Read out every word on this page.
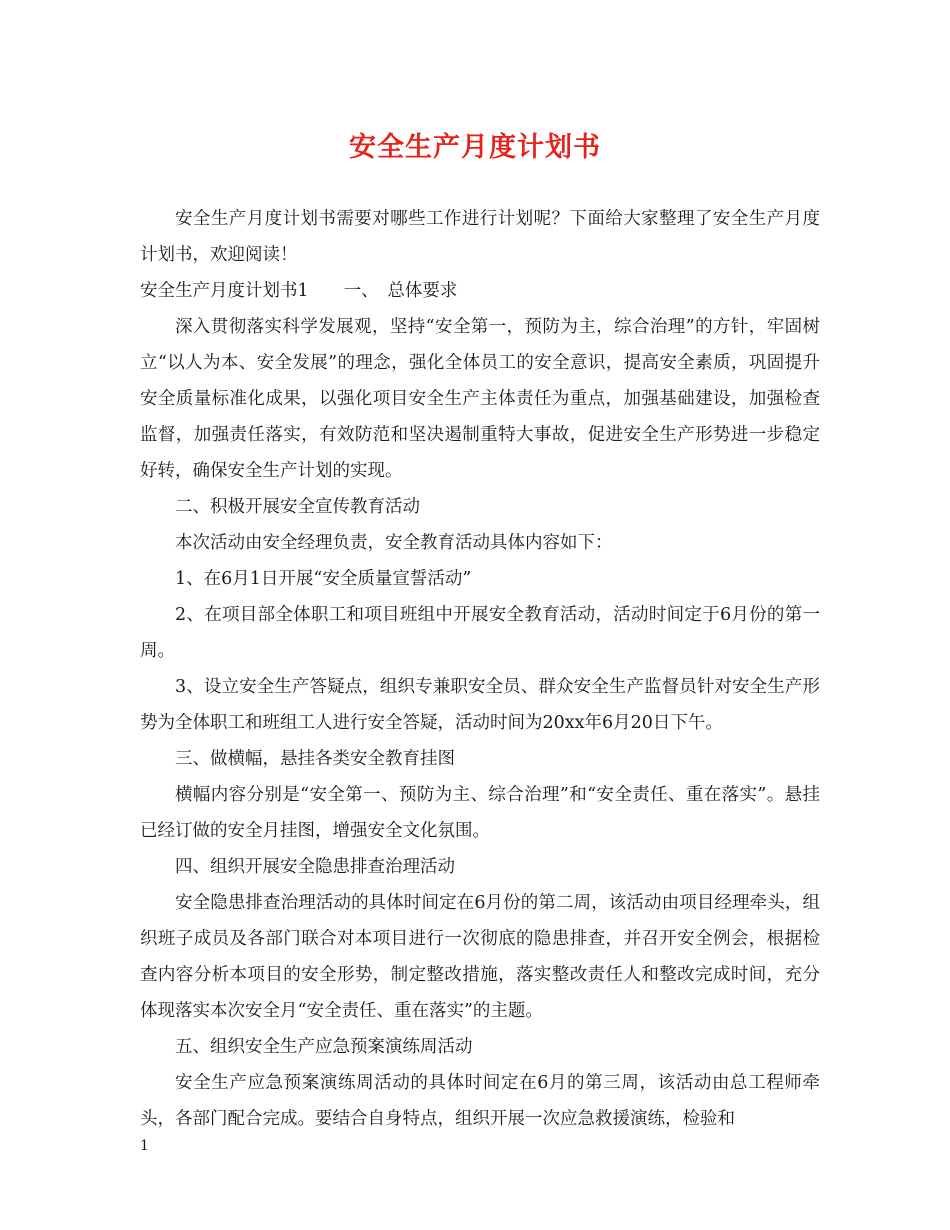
安全生产月度计划书

安全生产月度计划书需要对哪些工作进行计划呢？下面给大家整理了安全生产月度计划书，欢迎阅读！

安全生产月度计划书1　　一、　总体要求

深入贯彻落实科学发展观，坚持“安全第一，预防为主，综合治理”的方针，牢固树立“以人为本、安全发展”的理念，强化全体员工的安全意识，提高安全素质，巩固提升安全质量标准化成果，以强化项目安全生产主体责任为重点，加强基础建设，加强检查监督，加强责任落实，有效防范和坚决遏制重特大事故，促进安全生产形势进一步稳定好转，确保安全生产计划的实现。

二、积极开展安全宣传教育活动

本次活动由安全经理负责，安全教育活动具体内容如下：

1、在6月1日开展“安全质量宣誓活动”

2、在项目部全体职工和项目班组中开展安全教育活动，活动时间定于6月份的第一周。

3、设立安全生产答疑点，组织专兼职安全员、群众安全生产监督员针对安全生产形势为全体职工和班组工人进行安全答疑，活动时间为20xx年6月20日下午。

三、做横幅，悬挂各类安全教育挂图

横幅内容分别是“安全第一、预防为主、综合治理”和“安全责任、重在落实”。悬挂已经订做的安全月挂图，增强安全文化氛围。

四、组织开展安全隐患排查治理活动

安全隐患排查治理活动的具体时间定在6月份的第二周，该活动由项目经理牵头，组织班子成员及各部门联合对本项目进行一次彻底的隐患排查，并召开安全例会，根据检查内容分析本项目的安全形势，制定整改措施，落实整改责任人和整改完成时间，充分体现落实本次安全月“安全责任、重在落实”的主题。

五、组织安全生产应急预案演练周活动

安全生产应急预案演练周活动的具体时间定在6月的第三周，该活动由总工程师牵头，各部门配合完成。要结合自身特点，组织开展一次应急救援演练，检验和

1
